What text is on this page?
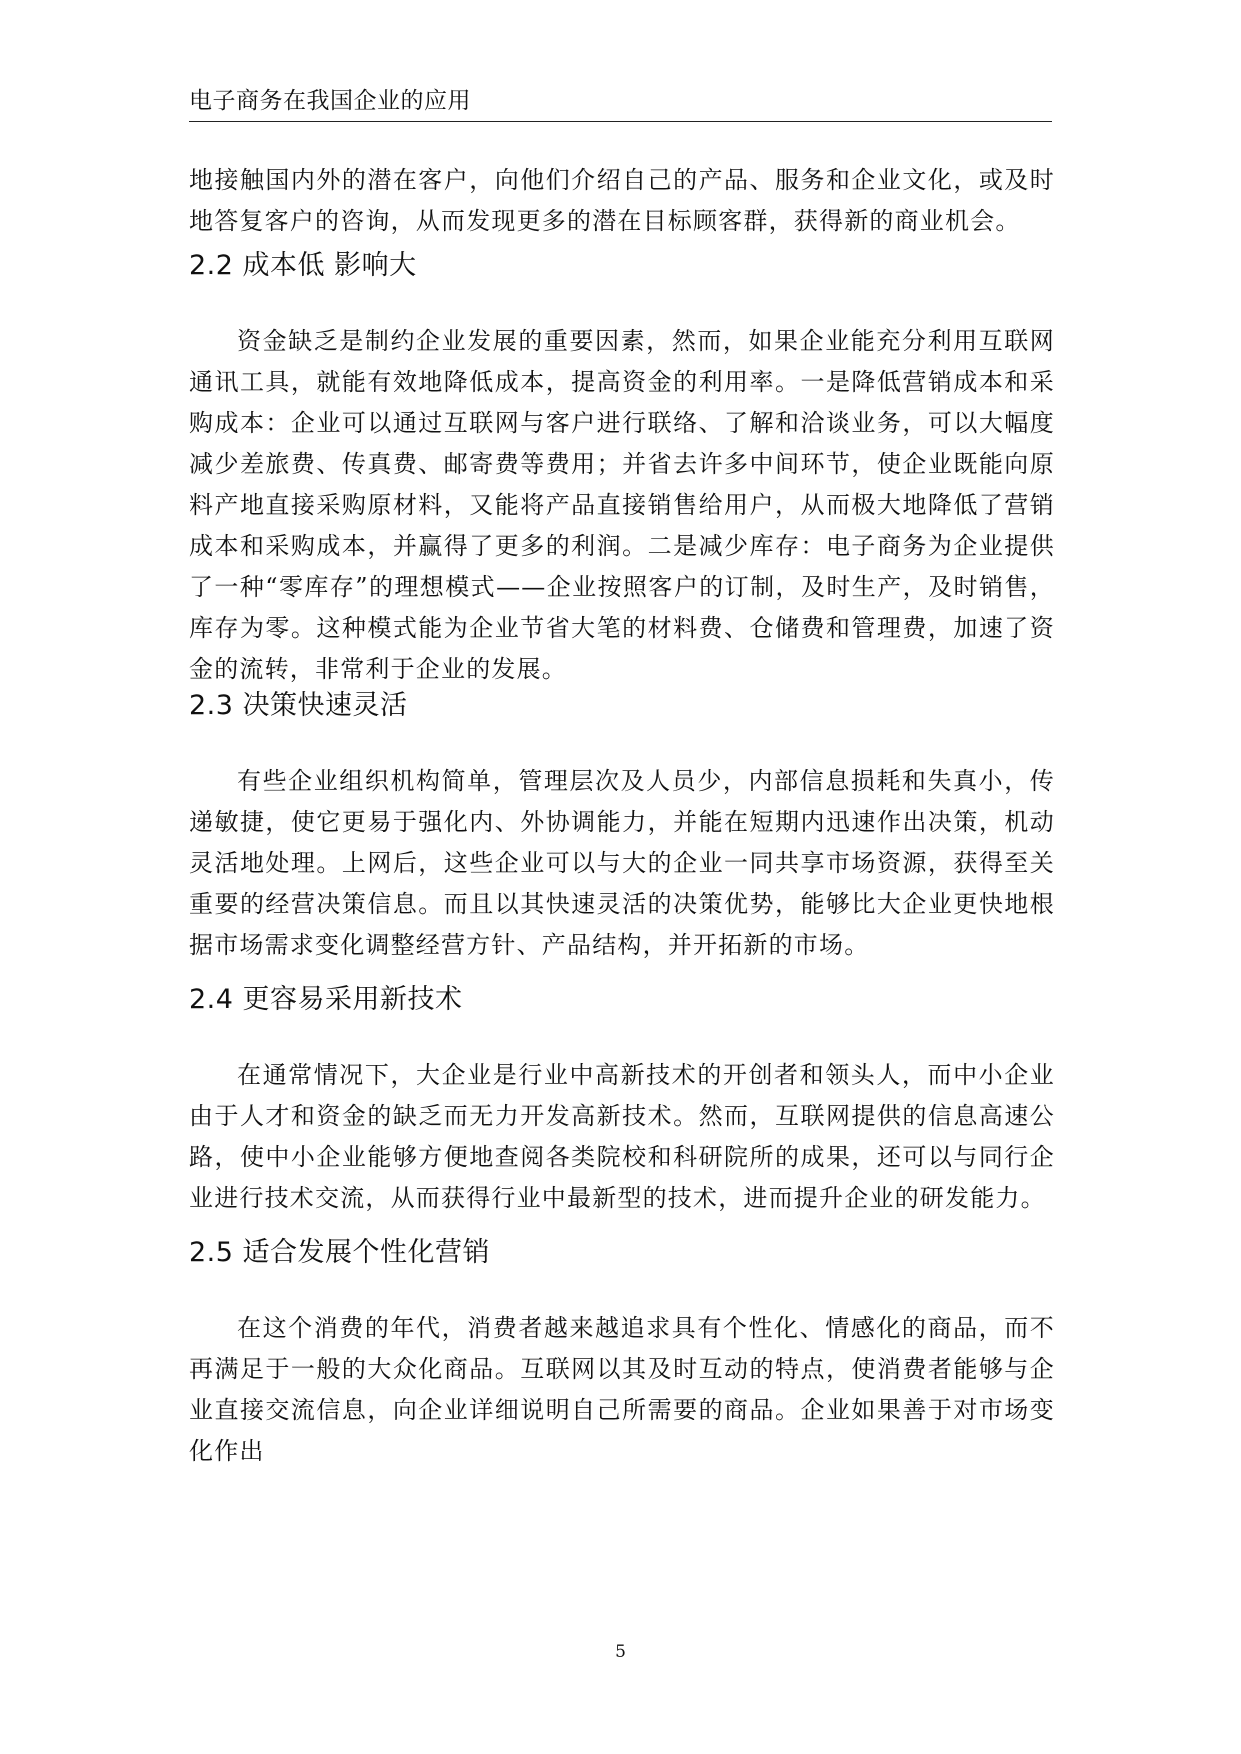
电子商务在我国企业的应用

地接触国内外的潜在客户，向他们介绍自己的产品、服务和企业文化，或及时地答复客户的咨询，从而发现更多的潜在目标顾客群，获得新的商业机会。

2.2 成本低 影响大

资金缺乏是制约企业发展的重要因素，然而，如果企业能充分利用互联网通讯工具，就能有效地降低成本，提高资金的利用率。一是降低营销成本和采购成本：企业可以通过互联网与客户进行联络、了解和洽谈业务，可以大幅度减少差旅费、传真费、邮寄费等费用；并省去许多中间环节，使企业既能向原料产地直接采购原材料，又能将产品直接销售给用户，从而极大地降低了营销成本和采购成本，并赢得了更多的利润。二是减少库存：电子商务为企业提供了一种“零库存”的理想模式——企业按照客户的订制，及时生产，及时销售，库存为零。这种模式能为企业节省大笔的材料费、仓储费和管理费，加速了资金的流转，非常利于企业的发展。

2.3 决策快速灵活

有些企业组织机构简单，管理层次及人员少，内部信息损耗和失真小，传递敏捷，使它更易于强化内、外协调能力，并能在短期内迅速作出决策，机动灵活地处理。上网后，这些企业可以与大的企业一同共享市场资源，获得至关重要的经营决策信息。而且以其快速灵活的决策优势，能够比大企业更快地根据市场需求变化调整经营方针、产品结构，并开拓新的市场。

2.4 更容易采用新技术

在通常情况下，大企业是行业中高新技术的开创者和领头人，而中小企业由于人才和资金的缺乏而无力开发高新技术。然而，互联网提供的信息高速公路，使中小企业能够方便地查阅各类院校和科研院所的成果，还可以与同行企业进行技术交流，从而获得行业中最新型的技术，进而提升企业的研发能力。

2.5 适合发展个性化营销

在这个消费的年代，消费者越来越追求具有个性化、情感化的商品，而不再满足于一般的大众化商品。互联网以其及时互动的特点，使消费者能够与企业直接交流信息，向企业详细说明自己所需要的商品。企业如果善于对市场变化作出

5
